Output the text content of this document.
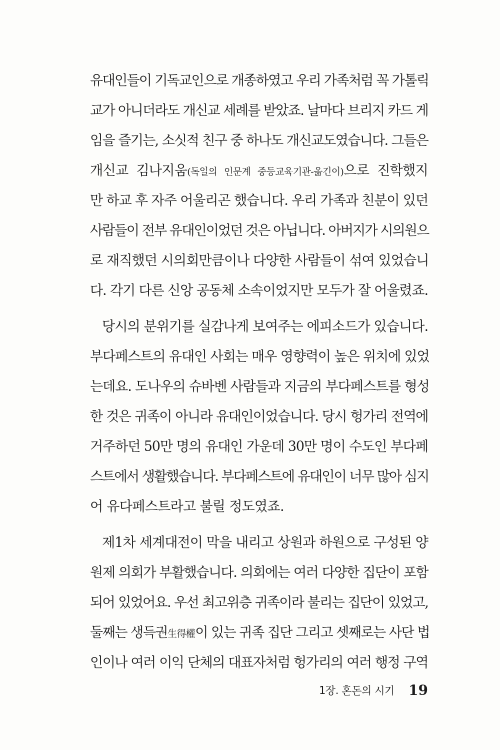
유대인들이 기독교인으로 개종하였고 우리 가족처럼 꼭 가톨릭
교가 아니더라도 개신교 세례를 받았죠. 날마다 브리지 카드 게
임을 즐기는, 소싯적 친구 중 하나도 개신교도였습니다. 그들은
개신교 김나지움(독일의 인문계 중등교육기관-옮긴이)으로 진학했지
만 하교 후 자주 어울리곤 했습니다. 우리 가족과 친분이 있던
사람들이 전부 유대인이었던 것은 아닙니다. 아버지가 시의원으
로 재직했던 시의회만큼이나 다양한 사람들이 섞여 있었습니
다. 각기 다른 신앙 공동체 소속이었지만 모두가 잘 어울렸죠.
당시의 분위기를 실감나게 보여주는 에피소드가 있습니다.
부다페스트의 유대인 사회는 매우 영향력이 높은 위치에 있었
는데요. 도나우의 슈바벤 사람들과 지금의 부다페스트를 형성
한 것은 귀족이 아니라 유대인이었습니다. 당시 헝가리 전역에
거주하던 50만 명의 유대인 가운데 30만 명이 수도인 부다페
스트에서 생활했습니다. 부다페스트에 유대인이 너무 많아 심지
어 유다페스트라고 불릴 정도였죠.
제1차 세계대전이 막을 내리고 상원과 하원으로 구성된 양
원제 의회가 부활했습니다. 의회에는 여러 다양한 집단이 포함
되어 있었어요. 우선 최고위층 귀족이라 불리는 집단이 있었고,
둘째는 생득권生得權이 있는 귀족 집단 그리고 셋째로는 사단 법
인이나 여러 이익 단체의 대표자처럼 헝가리의 여러 행정 구역
1장. 혼돈의 시기 19
